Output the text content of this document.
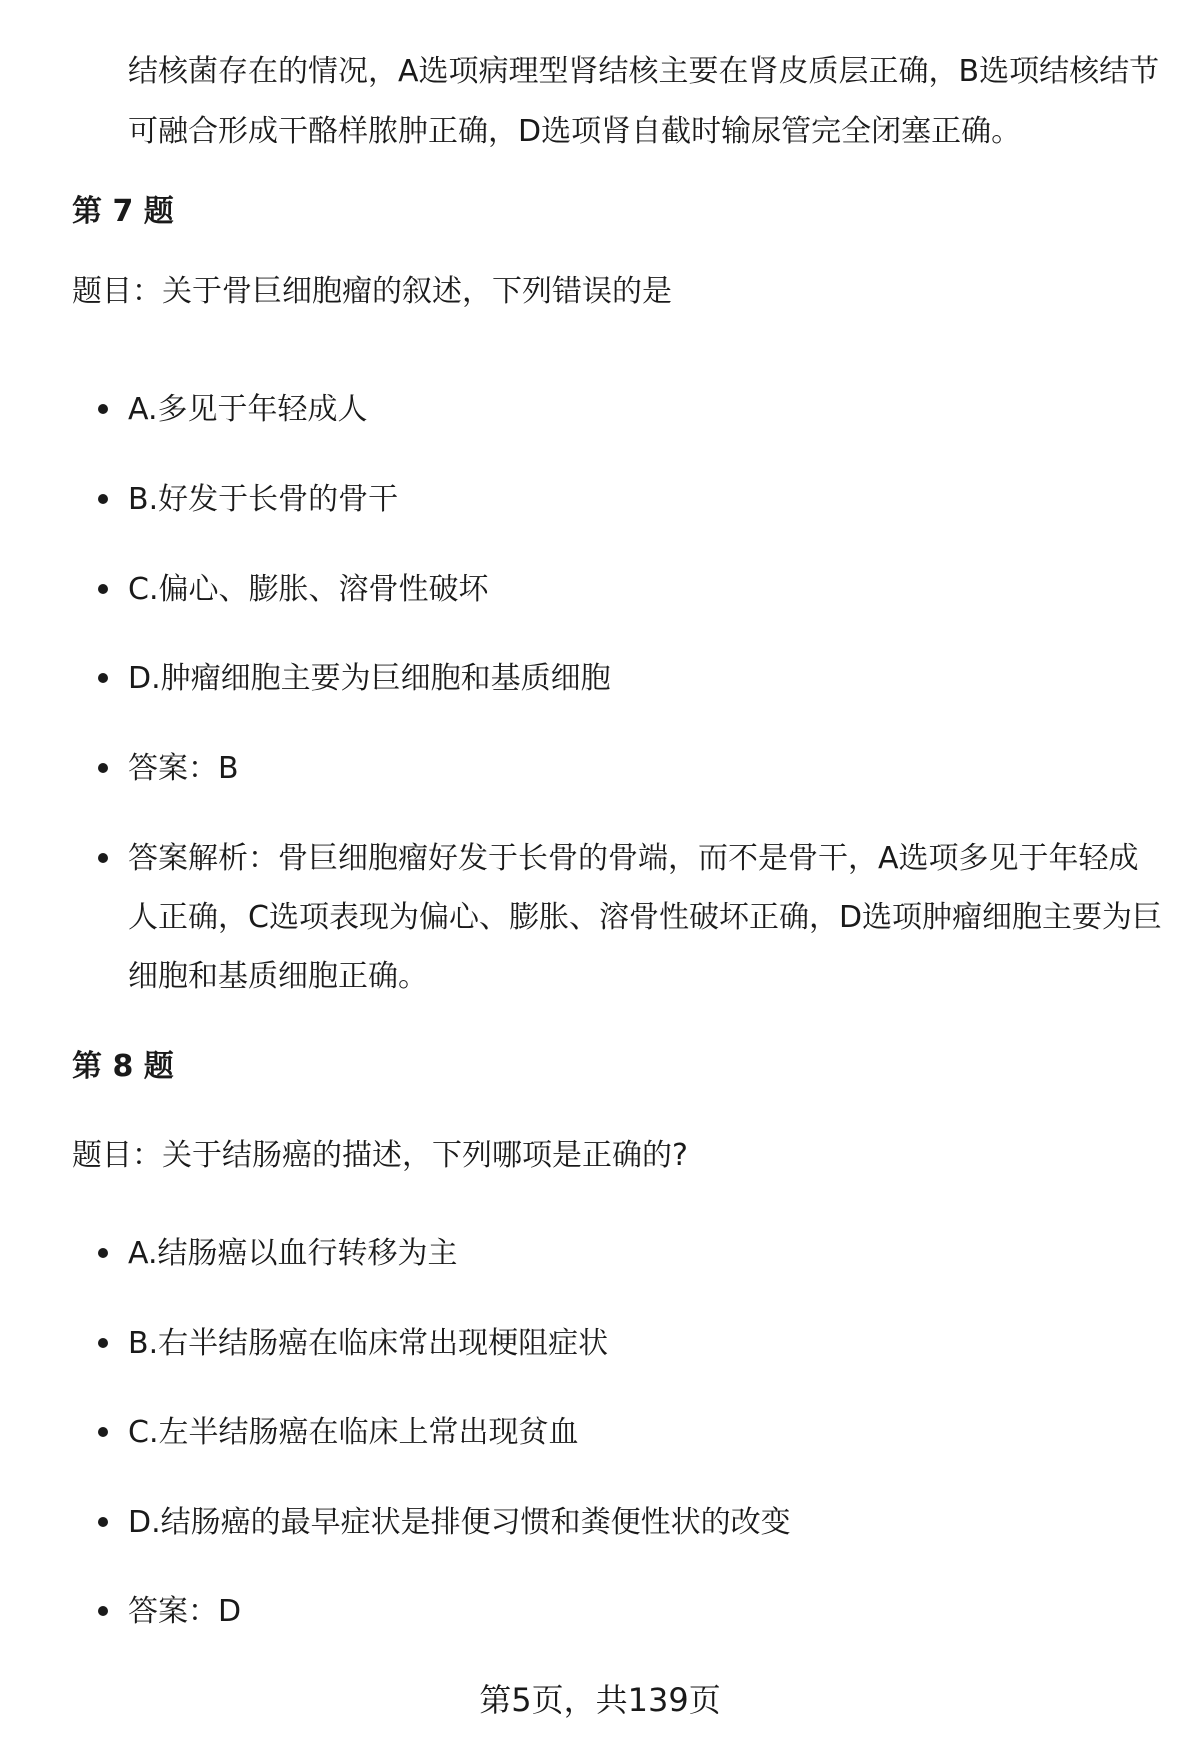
结核菌存在的情况，A选项病理型肾结核主要在肾皮质层正确，B选项结核结节
可融合形成干酪样脓肿正确，D选项肾自截时输尿管完全闭塞正确。
第 7 题
题目：关于骨巨细胞瘤的叙述，下列错误的是
A.多见于年轻成人
B.好发于长骨的骨干
C.偏心、膨胀、溶骨性破坏
D.肿瘤细胞主要为巨细胞和基质细胞
答案：B
答案解析：骨巨细胞瘤好发于长骨的骨端，而不是骨干，A选项多见于年轻成
人正确，C选项表现为偏心、膨胀、溶骨性破坏正确，D选项肿瘤细胞主要为巨
细胞和基质细胞正确。
第 8 题
题目：关于结肠癌的描述，下列哪项是正确的?
A.结肠癌以血行转移为主
B.右半结肠癌在临床常出现梗阻症状
C.左半结肠癌在临床上常出现贫血
D.结肠癌的最早症状是排便习惯和粪便性状的改变
答案：D
第5页，共139页
